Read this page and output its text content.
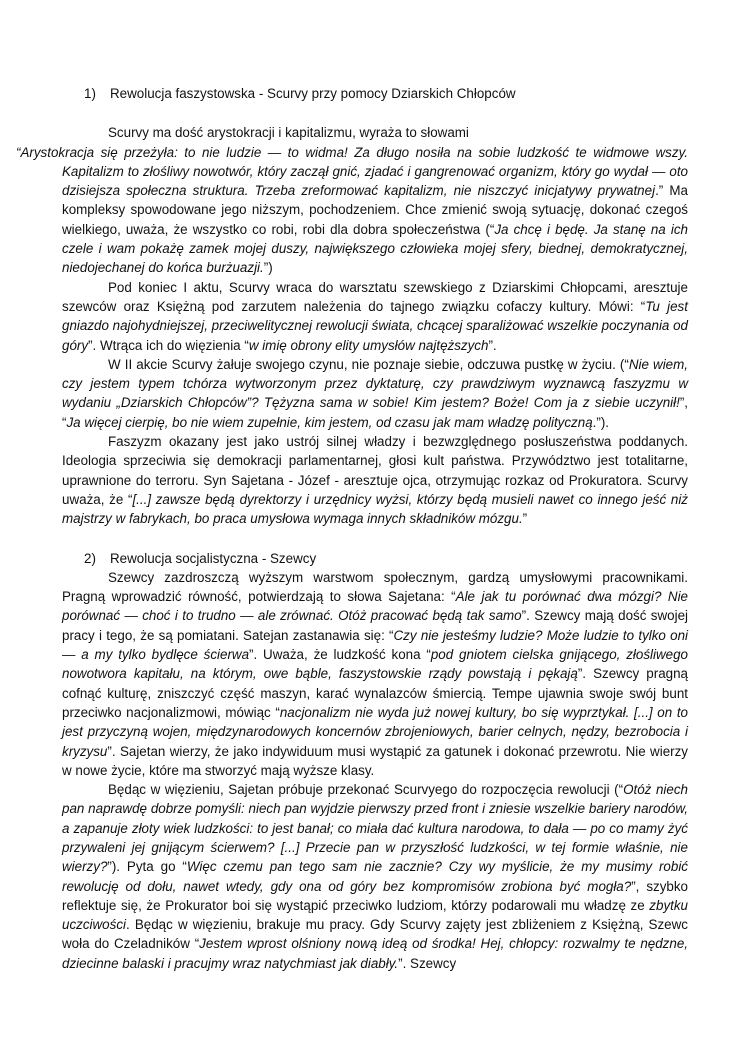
1)	Rewolucja faszystowska - Scurvy przy pomocy Dziarskich Chłopców

Scurvy ma dość arystokracji i kapitalizmu, wyraża to słowami
“Arystokracja się przeżyła: to nie ludzie — to widma! Za długo nosiła na sobie ludzkość te widmowe wszy. Kapitalizm to złośliwy nowotwór, który zaczął gnić, zjadać i gangrenować organizm, który go wydał — oto dzisiejsza społeczna struktura. Trzeba zreformować kapitalizm, nie niszczyć inicjatywy prywatnej.” Ma kompleksy spowodowane jego niższym, pochodzeniem. Chce zmienić swoją sytuację, dokonać czegoś wielkiego, uważa, że wszystko co robi, robi dla dobra społeczeństwa (“Ja chcę i będę. Ja stanę na ich czele i wam pokażę zamek mojej duszy, największego człowieka mojej sfery, biednej, demokratycznej, niedojechanej do końca burżuazji.”)

Pod koniec I aktu, Scurvy wraca do warsztatu szewskiego z Dziarskimi Chłopcami, aresztuje szewców oraz Księżną pod zarzutem należenia do tajnego związku cofaczy kultury. Mówi: “Tu jest gniazdo najohydniejszej, przeciwelitycznej rewolucji świata, chcącej sparaliżować wszelkie poczynania od góry”. Wtrąca ich do więzienia “w imię obrony elity umysłów najtęższych”.

W II akcie Scurvy żałuje swojego czynu, nie poznaje siebie, odczuwa pustkę w życiu. (“Nie wiem, czy jestem typem tchórza wytworzonym przez dyktaturę, czy prawdziwym wyznawcą faszyzmu w wydaniu „Dziarskich Chłopców”? Tężyzna sama w sobie! Kim jestem? Boże! Com ja z siebie uczynił!”, “Ja więcej cierpię, bo nie wiem zupełnie, kim jestem, od czasu jak mam władzę polityczną.”).

Faszyzm okazany jest jako ustrój silnej władzy i bezwzględnego posłuszeństwa poddanych. Ideologia sprzeciwia się demokracji parlamentarnej, głosi kult państwa. Przywództwo jest totalitarne, uprawnione do terroru. Syn Sajetana - Józef - aresztuje ojca, otrzymując rozkaz od Prokuratora. Scurvy uważa, że “[...] zawsze będą dyrektorzy i urzędnicy wyżsi, którzy będą musieli nawet co innego jeść niż majstrzy w fabrykach, bo praca umysłowa wymaga innych składników mózgu.”

2)	Rewolucja socjalistyczna - Szewcy

Szewcy zazdroszczą wyższym warstwom społecznym, gardzą umysłowymi pracownikami. Pragną wprowadzić równość, potwierdzają to słowa Sajetana: “Ale jak tu porównać dwa mózgi? Nie porównać — choć i to trudno — ale zrównać. Otóż pracować będą tak samo”. Szewcy mają dość swojej pracy i tego, że są pomiatani. Satejan zastanawia się: “Czy nie jesteśmy ludzie? Może ludzie to tylko oni — a my tylko bydlęce ścierwa”. Uważa, że ludzkość kona “pod gniotem cielska gnijącego, złośliwego nowotwora kapitału, na którym, owe bąble, faszystowskie rządy powstają i pękają”. Szewcy pragną cofnąć kulturę, zniszczyć część maszyn, karać wynalazców śmiercią. Tempe ujawnia swoje swój bunt przeciwko nacjonalizmowi, mówiąc “nacjonalizm nie wyda już nowej kultury, bo się wyprztykał. [...] on to jest przyczyną wojen, międzynarodowych koncernów zbrojeniowych, barier celnych, nędzy, bezrobocia i kryzysu”. Sajetan wierzy, że jako indywiduum musi wystąpić za gatunek i dokonać przewrotu. Nie wierzy w nowe życie, które ma stworzyć mają wyższe klasy.

Będąc w więzieniu, Sajetan próbuje przekonać Scurvyego do rozpoczęcia rewolucji (“Otóż niech pan naprawdę dobrze pomyśli: niech pan wyjdzie pierwszy przed front i zniesie wszelkie bariery narodów, a zapanuje złoty wiek ludzkości: to jest banał; co miała dać kultura narodowa, to dała — po co mamy żyć przywaleni jej gnijącym ścierwem? [...] Przecie pan w przyszłość ludzkości, w tej formie właśnie, nie wierzy?”). Pyta go “Więc czemu pan tego sam nie zacznie? Czy wy myślicie, że my musimy robić rewolucję od dołu, nawet wtedy, gdy ona od góry bez kompromisów zrobiona być mogła?”, szybko reflektuje się, że Prokurator boi się wystąpić przeciwko ludziom, którzy podarowali mu władzę ze zbytku uczciwości. Będąc w więzieniu, brakuje mu pracy. Gdy Scurvy zajęty jest zbliżeniem z Księżną, Szewc woła do Czeladników “Jestem wprost olśniony nową ideą od środka! Hej, chłopcy: rozwalmy te nędzne, dziecinne balaski i pracujmy wraz natychmiast jak diabły.”. Szewcy
